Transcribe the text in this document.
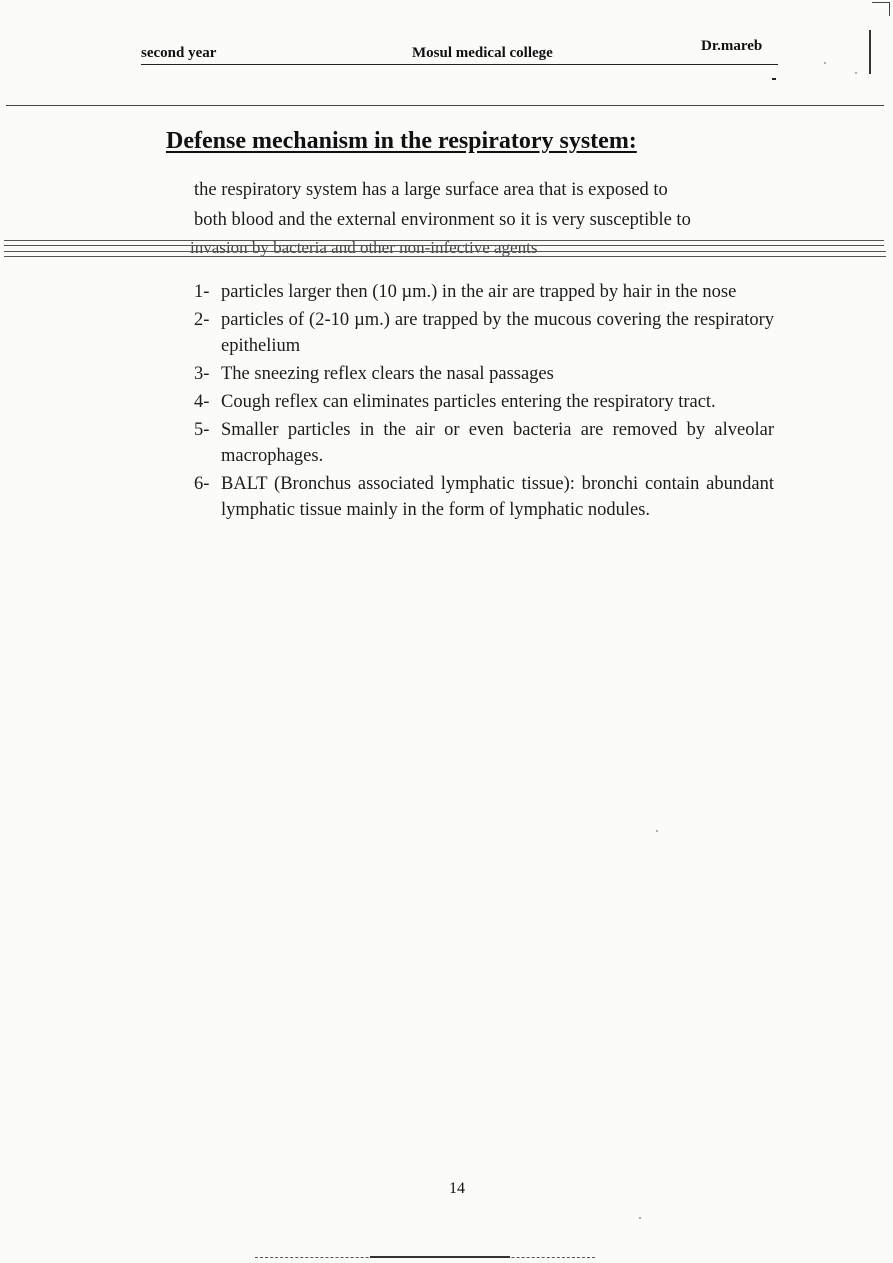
second year	Mosul medical college	Dr.mareb
Defense mechanism in the respiratory system:
the respiratory system has a large surface area that is exposed to
both blood and the external environment so it is very susceptible to
invasion by bacteria and other non-infective agents
1- particles larger then (10 µm.) in the air are trapped by hair in the nose
2- particles of (2-10 µm.) are trapped by the mucous covering the respiratory epithelium
3- The sneezing reflex clears the nasal passages
4- Cough reflex can eliminates particles entering the respiratory tract.
5- Smaller particles in the air or even bacteria are removed by alveolar macrophages.
6- BALT (Bronchus associated lymphatic tissue): bronchi contain abundant lymphatic tissue mainly in the form of lymphatic nodules.
14
